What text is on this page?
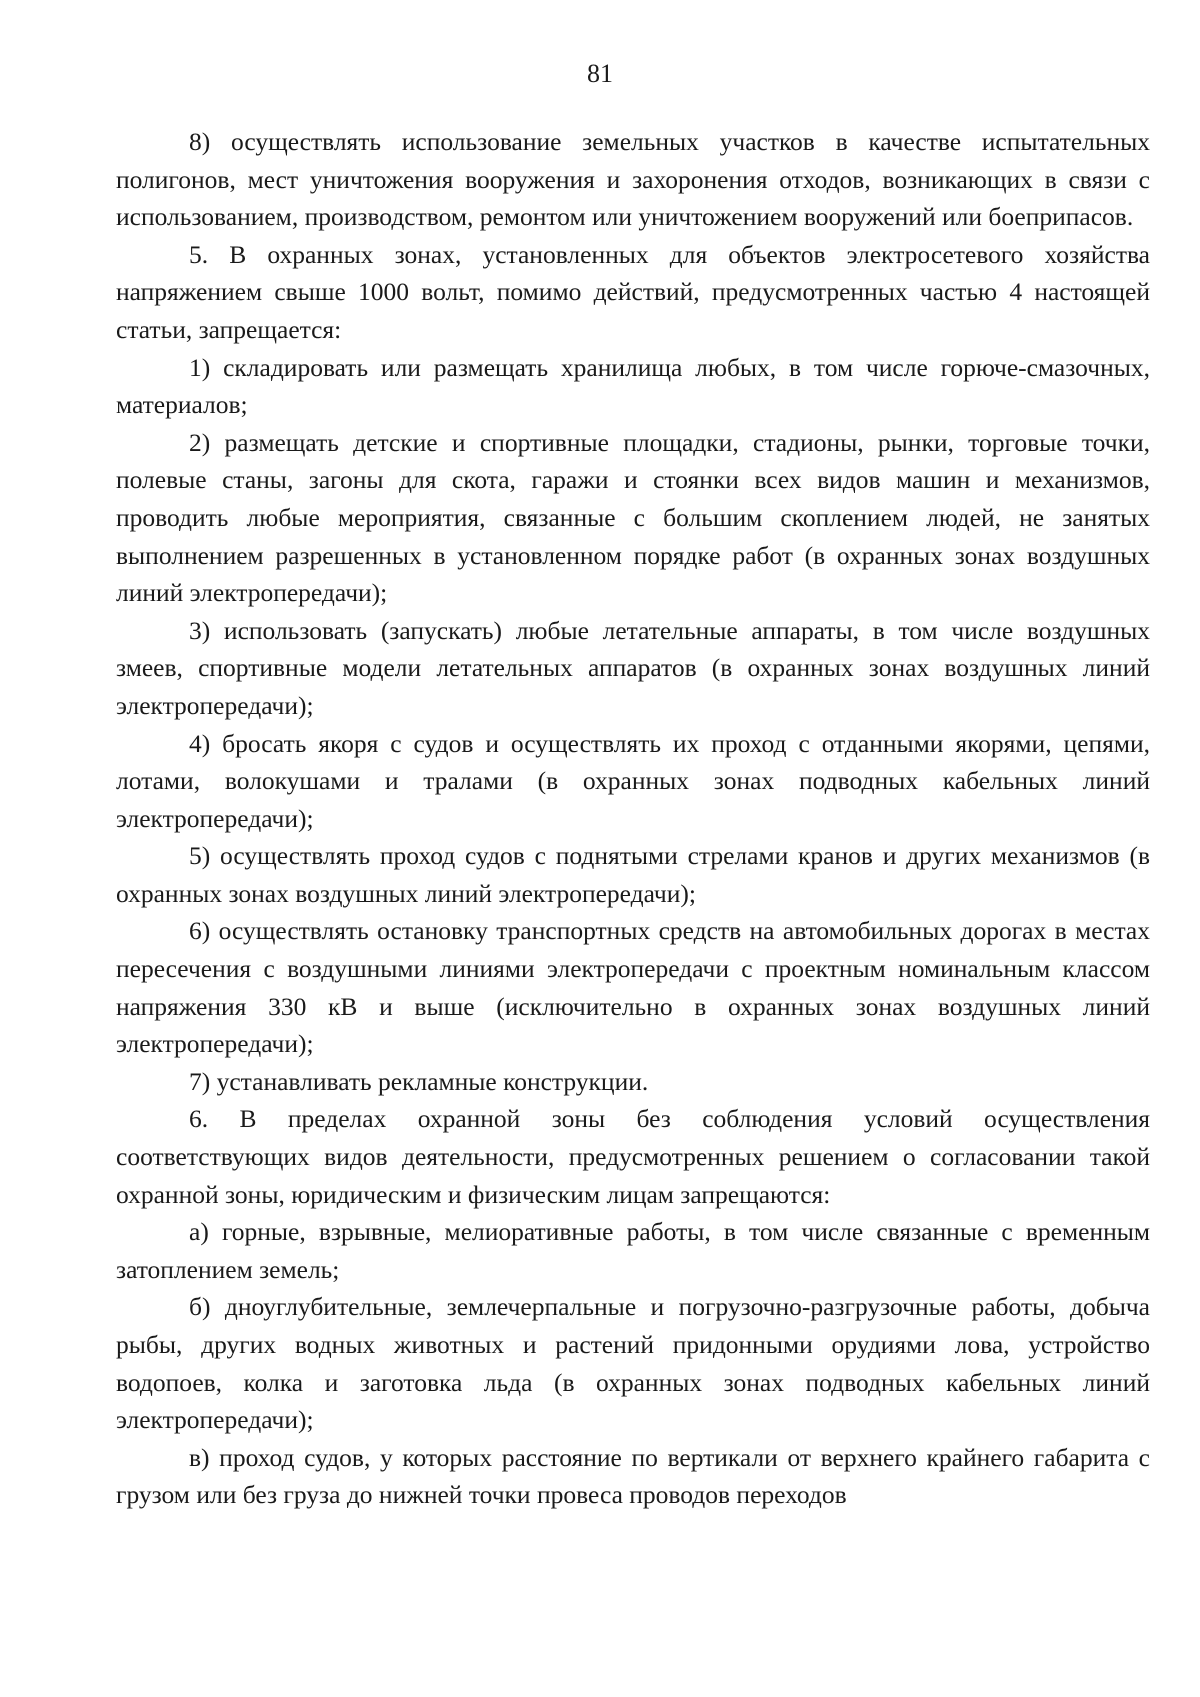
81

8) осуществлять использование земельных участков в качестве испытательных полигонов, мест уничтожения вооружения и захоронения отходов, возникающих в связи с использованием, производством, ремонтом или уничтожением вооружений или боеприпасов.

5. В охранных зонах, установленных для объектов электросетевого хозяйства напряжением свыше 1000 вольт, помимо действий, предусмотренных частью 4 настоящей статьи, запрещается:

1) складировать или размещать хранилища любых, в том числе горюче-смазочных, материалов;

2) размещать детские и спортивные площадки, стадионы, рынки, торговые точки, полевые станы, загоны для скота, гаражи и стоянки всех видов машин и механизмов, проводить любые мероприятия, связанные с большим скоплением людей, не занятых выполнением разрешенных в установленном порядке работ (в охранных зонах воздушных линий электропередачи);

3) использовать (запускать) любые летательные аппараты, в том числе воздушных змеев, спортивные модели летательных аппаратов (в охранных зонах воздушных линий электропередачи);

4) бросать якоря с судов и осуществлять их проход с отданными якорями, цепями, лотами, волокушами и тралами (в охранных зонах подводных кабельных линий электропередачи);

5) осуществлять проход судов с поднятыми стрелами кранов и других механизмов (в охранных зонах воздушных линий электропередачи);

6) осуществлять остановку транспортных средств на автомобильных дорогах в местах пересечения с воздушными линиями электропередачи с проектным номинальным классом напряжения 330 кВ и выше (исключительно в охранных зонах воздушных линий электропередачи);

7) устанавливать рекламные конструкции.

6. В пределах охранной зоны без соблюдения условий осуществления соответствующих видов деятельности, предусмотренных решением о согласовании такой охранной зоны, юридическим и физическим лицам запрещаются:

а) горные, взрывные, мелиоративные работы, в том числе связанные с временным затоплением земель;

б) дноуглубительные, землечерпальные и погрузочно-разгрузочные работы, добыча рыбы, других водных животных и растений придонными орудиями лова, устройство водопоев, колка и заготовка льда (в охранных зонах подводных кабельных линий электропередачи);

в) проход судов, у которых расстояние по вертикали от верхнего крайнего габарита с грузом или без груза до нижней точки провеса проводов переходов
